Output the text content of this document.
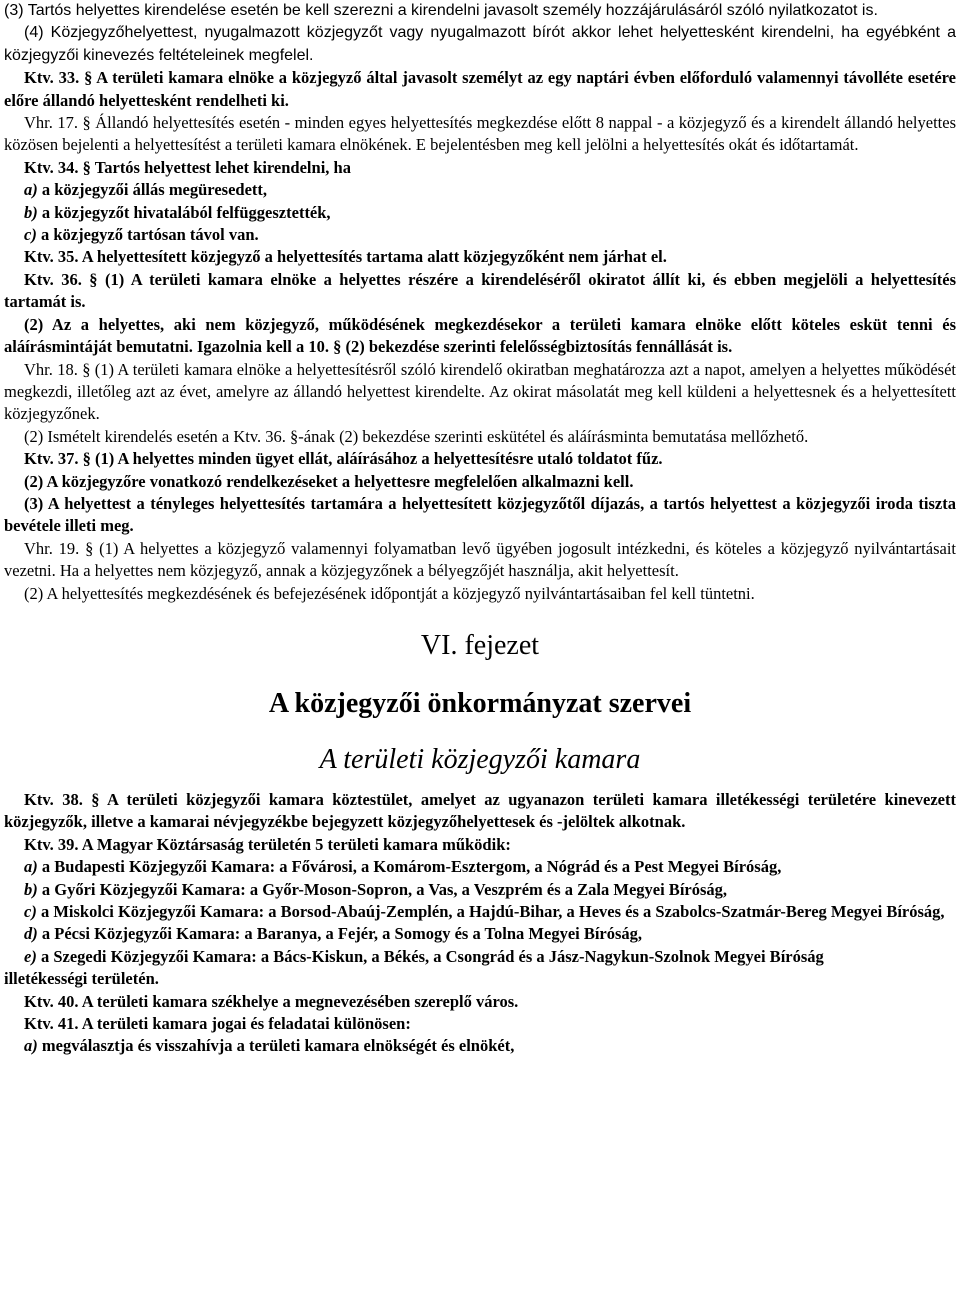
(3) Tartós helyettes kirendelése esetén be kell szerezni a kirendelni javasolt személy hozzájárulásáról szóló nyilatkozatot is.

(4) Közjegyzőhelyettest, nyugalmazott közjegyzőt vagy nyugalmazott bírót akkor lehet helyettesként kirendelni, ha egyébként a közjegyzői kinevezés feltételeinek megfelel.

Ktv. 33. § A területi kamara elnöke a közjegyző által javasolt személyt az egy naptári évben előforduló valamennyi távolléte esetére előre állandó helyettesként rendelheti ki.

Vhr. 17. § Állandó helyettesítés esetén - minden egyes helyettesítés megkezdése előtt 8 nappal - a közjegyző és a kirendelt állandó helyettes közösen bejelenti a helyettesítést a területi kamara elnökének. E bejelentésben meg kell jelölni a helyettesítés okát és időtartamát.

Ktv. 34. § Tartós helyettest lehet kirendelni, ha

a) a közjegyzői állás megüresedett,

b) a közjegyzőt hivatalából felfüggesztették,

c) a közjegyző tartósan távol van.

Ktv. 35. A helyettesített közjegyző a helyettesítés tartama alatt közjegyzőként nem járhat el.

Ktv. 36. § (1) A területi kamara elnöke a helyettes részére a kirendeléséről okiratot állít ki, és ebben megjelöli a helyettesítés tartamát is.

(2) Az a helyettes, aki nem közjegyző, működésének megkezdésekor a területi kamara elnöke előtt köteles esküt tenni és aláírásmintáját bemutatni. Igazolnia kell a 10. § (2) bekezdése szerinti felelősségbiztosítás fennállását is.

Vhr. 18. § (1) A területi kamara elnöke a helyettesítésről szóló kirendelő okiratban meghatározza azt a napot, amelyen a helyettes működését megkezdi, illetőleg azt az évet, amelyre az állandó helyettest kirendelte. Az okirat másolatát meg kell küldeni a helyettesnek és a helyettesített közjegyzőnek.

(2) Ismételt kirendelés esetén a Ktv. 36. §-ának (2) bekezdése szerinti eskütétel és aláírásminta bemutatása mellőzhető.

Ktv. 37. § (1) A helyettes minden ügyet ellát, aláírásához a helyettesítésre utaló toldatot fűz.

(2) A közjegyzőre vonatkozó rendelkezéseket a helyettesre megfelelően alkalmazni kell.

(3) A helyettest a tényleges helyettesítés tartamára a helyettesített közjegyzőtől díjazás, a tartós helyettest a közjegyzői iroda tiszta bevétele illeti meg.

Vhr. 19. § (1) A helyettes a közjegyző valamennyi folyamatban levő ügyében jogosult intézkedni, és köteles a közjegyző nyilvántartásait vezetni. Ha a helyettes nem közjegyző, annak a közjegyzőnek a bélyegzőjét használja, akit helyettesít.

(2) A helyettesítés megkezdésének és befejezésének időpontját a közjegyző nyilvántartásaiban fel kell tüntetni.

VI. fejezet
A közjegyzői önkormányzat szervei
A területi közjegyzői kamara

Ktv. 38. § A területi közjegyzői kamara köztestület, amelyet az ugyanazon területi kamara illetékességi területére kinevezett közjegyzők, illetve a kamarai névjegyzékbe bejegyzett közjegyzőhelyettesek és -jelöltek alkotnak.

Ktv. 39. A Magyar Köztársaság területén 5 területi kamara működik:

a) a Budapesti Közjegyzői Kamara: a Fővárosi, a Komárom-Esztergom, a Nógrád és a Pest Megyei Bíróság,

b) a Győri Közjegyzői Kamara: a Győr-Moson-Sopron, a Vas, a Veszprém és a Zala Megyei Bíróság,

c) a Miskolci Közjegyzői Kamara: a Borsod-Abaúj-Zemplén, a Hajdú-Bihar, a Heves és a Szabolcs-Szatmár-Bereg Megyei Bíróság,

d) a Pécsi Közjegyzői Kamara: a Baranya, a Fejér, a Somogy és a Tolna Megyei Bíróság,

e) a Szegedi Közjegyzői Kamara: a Bács-Kiskun, a Békés, a Csongrád és a Jász-Nagykun-Szolnok Megyei Bíróság

illetékességi területén.

Ktv. 40. A területi kamara székhelye a megnevezésében szereplő város.

Ktv. 41. A területi kamara jogai és feladatai különösen:

a) megválasztja és visszahívja a területi kamara elnökségét és elnökét,
